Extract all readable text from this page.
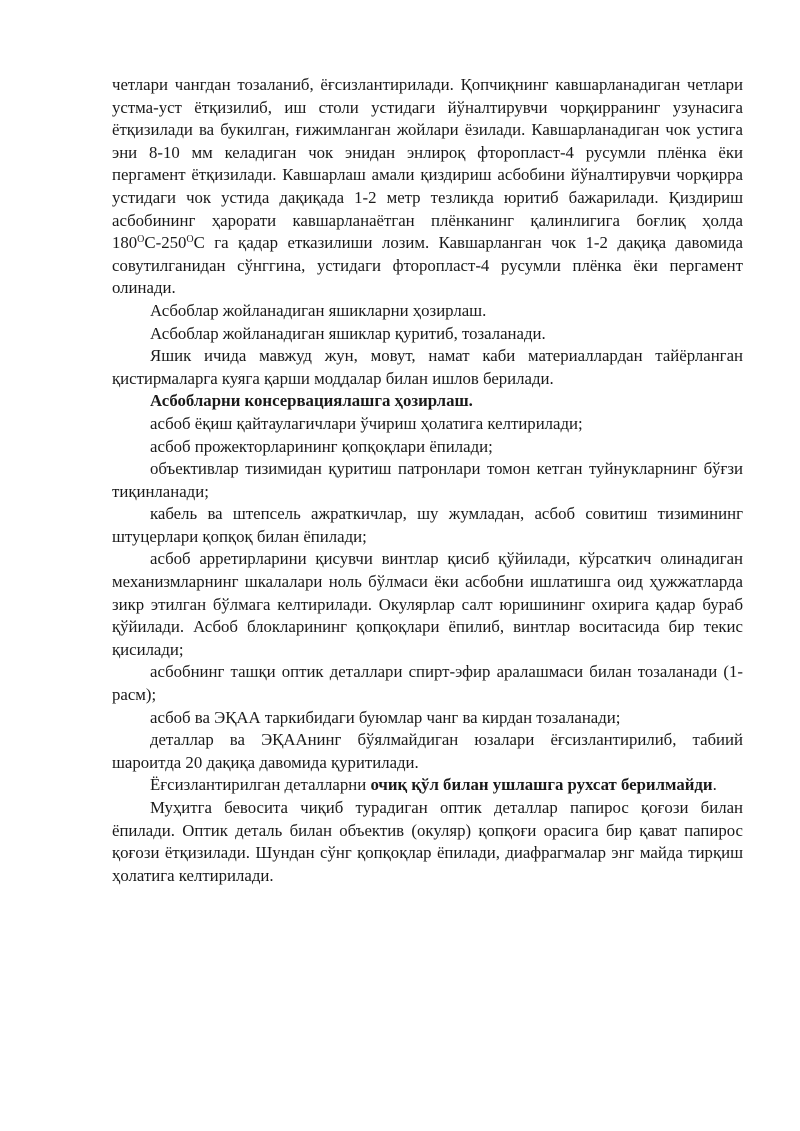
четлари чангдан тозаланиб, ёғсизлантирилади. Қопчиқнинг кавшарланадиган четлари устма-уст ётқизилиб, иш столи устидаги йўналтирувчи чорқирранинг узунасига ётқизилади ва букилган, ғижимланган жойлари ёзилади. Кавшарланадиган чок устига эни 8-10 мм келадиган чок энидан энлироқ фторопласт-4 русумли плёнка ёки пергамент ётқизилади. Кавшарлаш амали қиздириш асбобини йўналтирувчи чорқирра устидаги чок устида дақиқада 1-2 метр тезликда юритиб бажарилади. Қиздириш асбобининг ҳарорати кавшарланаётган плёнканинг қалинлигига боғлиқ ҳолда $180^ОС-250^ОС$ га қадар етказилиши лозим. Кавшарланган чок 1-2 дақиқа давомида совутилганидан сўнггина, устидаги фторопласт-4 русумли плёнка ёки пергамент олинади.

Асбоблар жойланадиган яшикларни ҳозирлаш.

Асбоблар жойланадиган яшиклар қуритиб, тозаланади.

Яшик ичида мавжуд жун, мовут, намат каби материаллардан тайёрланган қистирмаларга куяга қарши моддалар билан ишлов берилади.

Асбобларни консервациялашга ҳозирлаш.

асбоб ёқиш қайтаулагичлари ўчириш ҳолатига келтирилади;

асбоб прожекторларининг қопқоқлари ёпилади;

объективлар тизимидан қуритиш патронлари томон кетган туйнукларнинг бўғзи тиқинланади;

кабель ва штепсель ажраткичлар, шу жумладан, асбоб совитиш тизимининг штуцерлари қопқоқ билан ёпилади;

асбоб арретирларини қисувчи винтлар қисиб қўйилади, кўрсаткич олинадиган механизмларнинг шкалалари ноль бўлмаси ёки асбобни ишлатишга оид ҳужжатларда зикр этилган бўлмага келтирилади. Окулярлар салт юришининг охирига қадар бураб қўйилади. Асбоб блокларининг қопқоқлари ёпилиб, винтлар воситасида бир текис қисилади;

асбобнинг ташқи оптик деталлари спирт-эфир аралашмаси билан тозаланади (1-расм);

асбоб ва ЭҚАА таркибидаги буюмлар чанг ва кирдан тозаланади;

деталлар ва ЭҚААнинг бўялмайдиган юзалари ёғсизлантирилиб, табиий шароитда 20 дақиқа давомида қуритилади.

Ёғсизлантирилган деталларни очиқ қўл билан ушлашга рухсат берилмайди.

Муҳитга бевосита чиқиб турадиган оптик деталлар папирос қоғози билан ёпилади. Оптик деталь билан объектив (окуляр) қопқоғи орасига бир қават папирос қоғози ётқизилади. Шундан сўнг қопқоқлар ёпилади, диафрагмалар энг майда тирқиш ҳолатига келтирилади.
